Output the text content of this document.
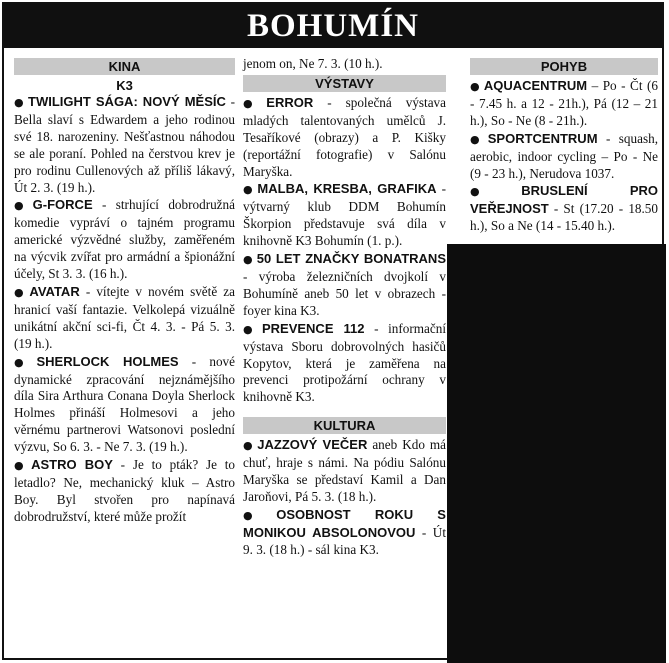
BOHUMÍN
KINA
K3
● TWILIGHT SÁGA: NOVÝ MĚSÍC - Bella slaví s Edwardem a jeho rodinou své 18. narozeniny. Nešťastnou náhodou se ale poraní. Pohled na čerstvou krev je pro rodinu Cullenových až příliš lákavý, Út 2. 3. (19 h.).
● G-FORCE - strhující dobrodružná komedie vypráví o tajném programu americké výzvědné služby, zaměřeném na výcvik zvířat pro armádní a špionážní účely, St 3. 3. (16 h.).
● AVATAR - vítejte v novém světě za hranicí vaší fantazie. Velkolepá vizuálně unikátní akční sci-fi, Čt 4. 3. - Pá 5. 3. (19 h.).
● SHERLOCK HOLMES - nové dynamické zpracování nejznámějšího díla Sira Arthura Conana Doyla Sherlock Holmes přináší Holmesovi a jeho věrnému partnerovi Watsonovi poslední výzvu, So 6. 3. - Ne 7. 3. (19 h.).
● ASTRO BOY - Je to pták? Je to letadlo? Ne, mechanický kluk – Astro Boy. Byl stvořen pro napínavá dobrodružství, které může prožít
jenom on, Ne 7. 3. (10 h.).
VÝSTAVY
● ERROR - společná výstava mladých talentovaných umělců J. Tesaříkové (obrazy) a P. Kišky (reportážní fotografie) v Salónu Maryška.
● MALBA, KRESBA, GRAFIKA - výtvarný klub DDM Bohumín Škorpion představuje svá díla v knihovně K3 Bohumín (1. p.).
● 50 LET ZNAČKY BONATRANS - výroba železničních dvojkolí v Bohumíně aneb 50 let v obrazech - foyer kina K3.
● PREVENCE 112 - informační výstava Sboru dobrovolných hasičů Kopytov, která je zaměřena na prevenci protipožární ochrany v knihovně K3.
KULTURA
● JAZZOVÝ VEČER aneb Kdo má chuť, hraje s námi. Na pódiu Salónu Maryška se představí Kamil a Dan Jaroňovi, Pá 5. 3. (18 h.).
● OSOBNOST ROKU S MONIKOU ABSOLONOVOU - Út 9. 3. (18 h.) - sál kina K3.
POHYB
● AQUACENTRUM – Po - Čt (6 - 7.45 h. a 12 - 21h.), Pá (12 – 21 h.), So - Ne (8 - 21h.).
● SPORTCENTRUM - squash, aerobic, indoor cycling – Po - Ne (9 - 23 h.), Nerudova 1037.
● BRUSLENÍ PRO VEŘEJNOST - St (17.20 - 18.50 h.), So a Ne (14 - 15.40 h.).
